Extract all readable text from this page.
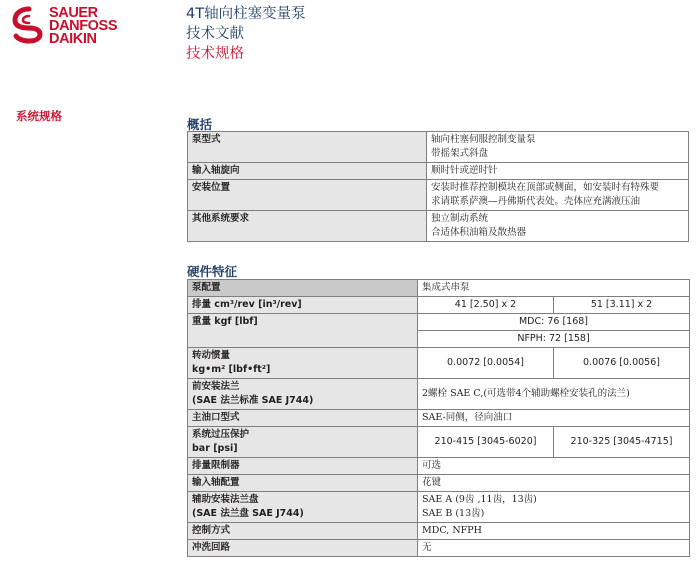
SAUER
DANFOSS
DAIKIN
4T轴向柱塞变量泵
技术文献
技术规格
系统规格
概括
泵型式	轴向柱塞伺服控制变量泵
带摇架式斜盘

输入轴旋向	顺时针或逆时针
安装位置	安装时推荐控制模块在顶部或侧面，如安装时有特殊要
求请联系萨澳—丹佛斯代表处。壳体应充满液压油

其他系统要求	独立制动系统
合适体积油箱及散热器
硬件特征
泵配置	集成式串泵	
排量 cm³/rev [in³/rev]	41 [2.50] x 2	51 [3.11] x 2
重量 kgf [lbf]	MDC: 76 [168]	
	NFPH: 72 [158]	

转动惯量
kg•m² [lbf•ft²]	0.0072 [0.0054]	0.0076 [0.0056]

前安装法兰
(SAE 法兰标准 SAE J744)	2螺栓 SAE C,(可选带4个辅助螺栓安装孔的法兰)	
主油口型式	SAE-同侧，径向油口	

系统过压保护
bar [psi]	210-415 [3045-6020]	210-325 [3045-4715]
排量限制器	可选	
输入轴配置	花键	

辅助安装法兰盘
(SAE 法兰盘 SAE J744)	SAE A (9齿 ,11齿，13齿)
SAE B (13齿)	

控制方式	MDC, NFPH	
冲洗回路	无	
